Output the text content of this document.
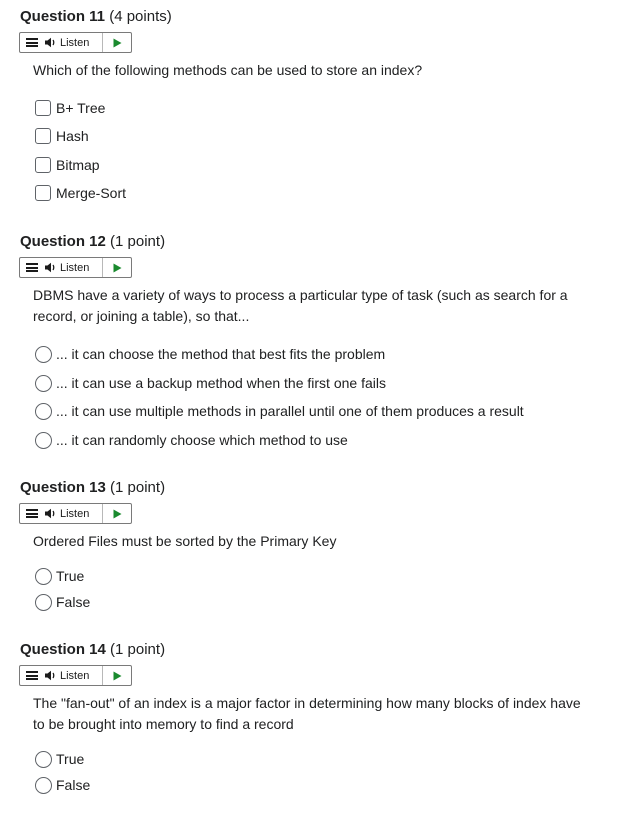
Question 11 (4 points)
Listen
Which of the following methods can be used to store an index?
B+ Tree
Hash
Bitmap
Merge-Sort
Question 12 (1 point)
Listen
DBMS have a variety of ways to process a particular type of task (such as search for a record, or joining a table), so that...
... it can choose the method that best fits the problem
... it can use a backup method when the first one fails
... it can use multiple methods in parallel until one of them produces a result
... it can randomly choose which method to use
Question 13 (1 point)
Listen
Ordered Files must be sorted by the Primary Key
True
False
Question 14 (1 point)
Listen
The "fan-out" of an index is a major factor in determining how many blocks of index have to be brought into memory to find a record
True
False
